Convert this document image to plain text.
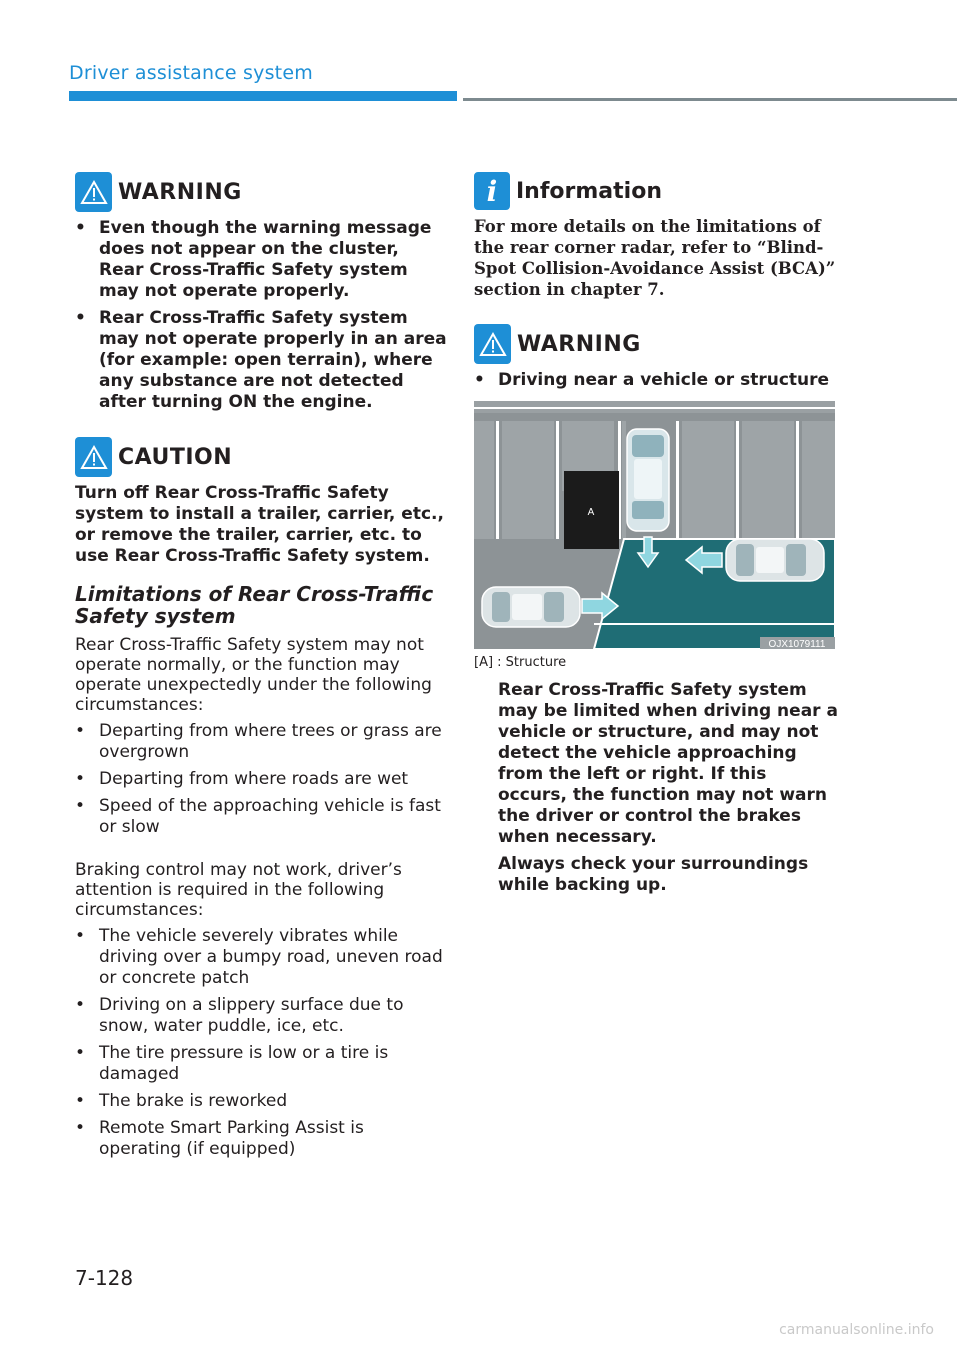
Driver assistance system
WARNING
• Even though the warning message does not appear on the cluster, Rear Cross-Traffic Safety system may not operate properly.
• Rear Cross-Traffic Safety system may not operate properly in an area (for example: open terrain), where any substance are not detected after turning ON the engine.
CAUTION

Turn off Rear Cross-Traffic Safety system to install a trailer, carrier, etc., or remove the trailer, carrier, etc. to use Rear Cross-Traffic Safety system.

Limitations of Rear Cross-Traffic Safety system

Rear Cross-Traffic Safety system may not operate normally, or the function may operate unexpectedly under the following circumstances:

• Departing from where trees or grass are overgrown
• Departing from where roads are wet
• Speed of the approaching vehicle is fast or slow

Braking control may not work, driver’s attention is required in the following circumstances:

• The vehicle severely vibrates while driving over a bumpy road, uneven road or concrete patch
• Driving on a slippery surface due to snow, water puddle, ice, etc.
• The tire pressure is low or a tire is damaged
• The brake is reworked
• Remote Smart Parking Assist is operating (if equipped)
i Information

For more details on the limitations of the rear corner radar, refer to “Blind-Spot Collision-Avoidance Assist (BCA)” section in chapter 7.

WARNING
• Driving near a vehicle or structure
A
OJX1079111
[A] : Structure

Rear Cross-Traffic Safety system may be limited when driving near a vehicle or structure, and may not detect the vehicle approaching from the left or right. If this occurs, the function may not warn the driver or control the brakes when necessary.

Always check your surroundings while backing up.

7-128
carmanualsonline.info
